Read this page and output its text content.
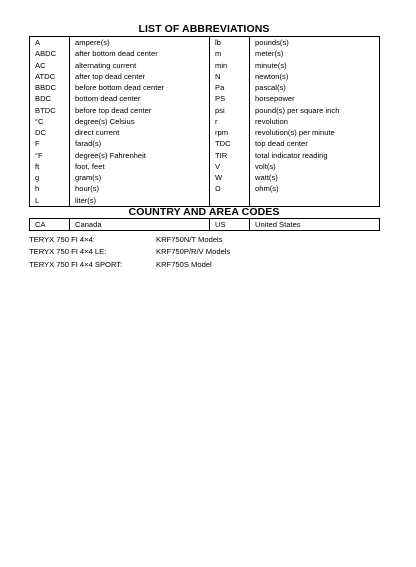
LIST OF ABBREVIATIONS
A	ampere(s)	lb	pounds(s)
ABDC	after bottom dead center	m	meter(s)
AC	alternating current	min	minute(s)
ATDC	after top dead center	N	newton(s)
BBDC	before bottom dead center	Pa	pascal(s)
BDC	bottom dead center	PS	horsepower
BTDC	before top dead center	psi	pound(s) per square inch
°C	degree(s) Celsius	r	revolution
DC	direct current	rpm	revolution(s) per minute
F	farad(s)	TDC	top dead center
°F	degree(s) Fahrenheit	TIR	total indicator reading
ft	foot, feet	V	volt(s)
g	gram(s)	W	watt(s)
h	hour(s)	Ω	ohm(s)
L	liter(s)		
COUNTRY AND AREA CODES
CA	Canada	US	United States
TERYX 750 FI 4×4:	KRF750N/T Models
TERYX 750 FI 4×4 LE:	KRF750P/R/V Models
TERYX 750 FI 4×4 SPORT:	KRF750S Model
